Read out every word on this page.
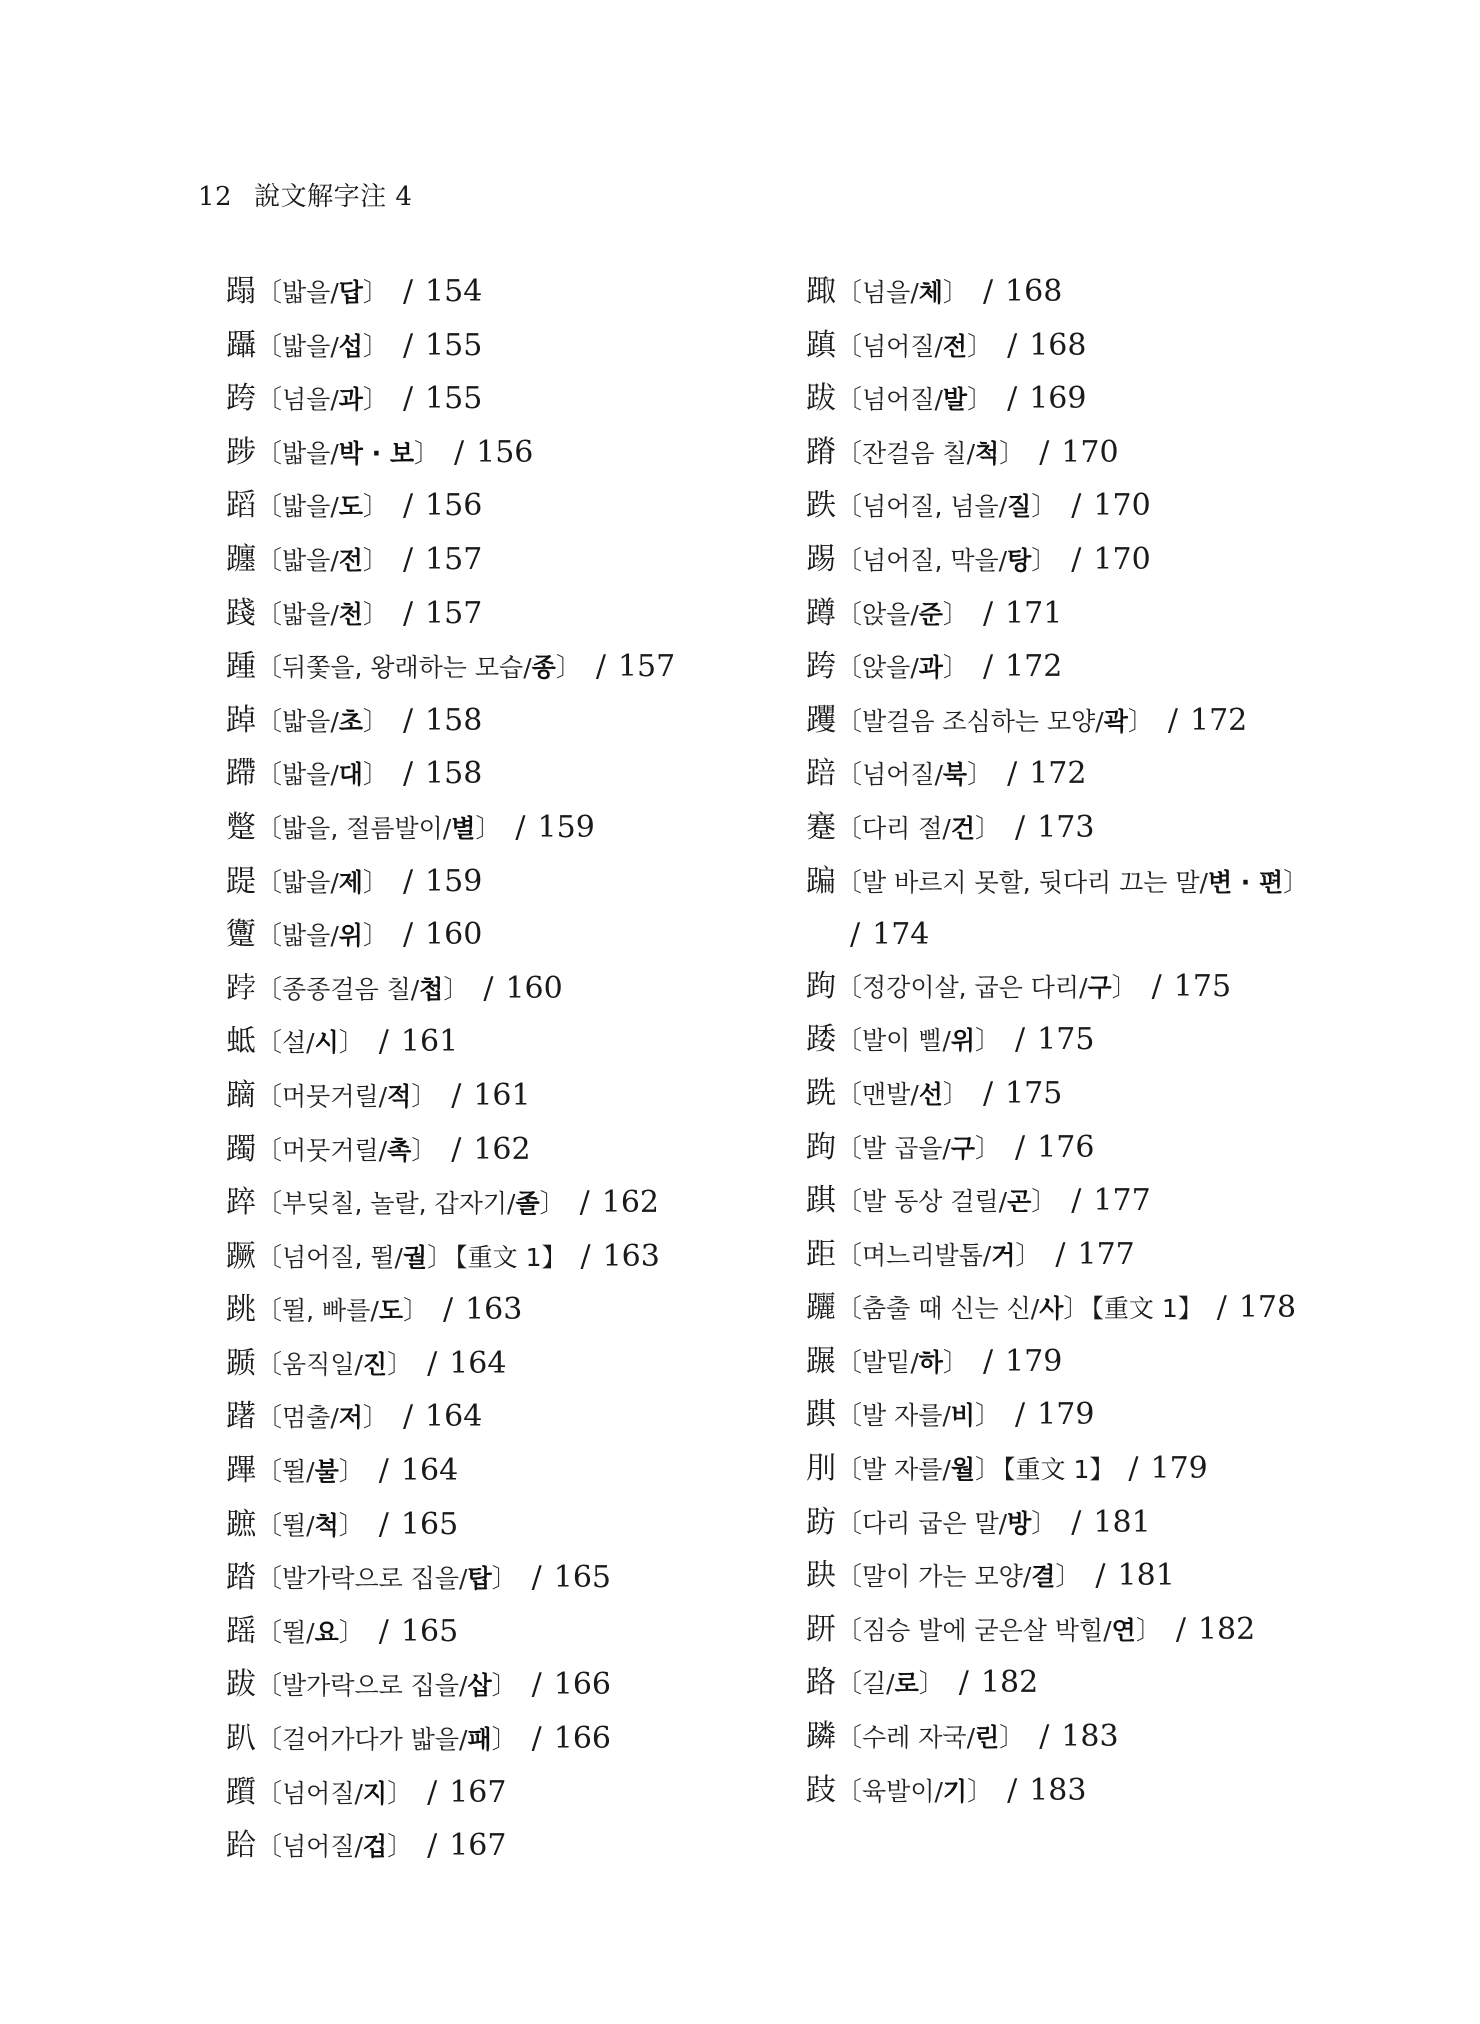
12 說文解字注 4
蹋〔밟을/답〕 / 154
躡〔밟을/섭〕 / 155
跨〔넘을/과〕 / 155
踄〔밟을/박 · 보〕 / 156
蹈〔밟을/도〕 / 156
躔〔밟을/전〕 / 157
踐〔밟을/천〕 / 157
踵〔뒤쫓을, 왕래하는 모습/종〕 / 157
踔〔밟을/초〕 / 158
蹛〔밟을/대〕 / 158
蹩〔밟을, 절름발이/별〕 / 159
踶〔밟을/제〕 / 159
躛〔밟을/위〕 / 160
𨁝〔종종걸음 칠/첩〕 / 160
蚳〔설/시〕 / 161
蹢〔머뭇거릴/적〕 / 161
躅〔머뭇거릴/촉〕 / 162
踤〔부딪칠, 놀랄, 갑자기/졸〕 / 162
蹶〔넘어질, 뛸/궐〕【重文 1】 / 163
跳〔뛸, 빠를/도〕 / 163
踬〔움직일/진〕 / 164
躇〔멈출/저〕 / 164
蹕〔뛸/불〕 / 164
蹠〔뛸/척〕 / 165
踏〔발가락으로 집을/탑〕 / 165
䠛〔뛸/요〕 / 165
跋〔발가락으로 집을/삽〕 / 166
趴〔걸어가다가 밟을/패〕 / 166
躓〔넘어질/지〕 / 167
跲〔넘어질/겁〕 / 167
踙〔넘을/체〕 / 168
蹎〔넘어질/전〕 / 168
跋〔넘어질/발〕 / 169
蹐〔잔걸음 칠/척〕 / 170
跌〔넘어질, 넘을/질〕 / 170
踢〔넘어질, 막을/탕〕 / 170
蹲〔앉을/준〕 / 171
跨〔앉을/과〕 / 172
躩〔발걸음 조심하는 모양/곽〕 / 172
踣〔넘어질/북〕 / 172
蹇〔다리 절/건〕 / 173
蹁〔발 바르지 못할, 뒷다리 끄는 말/변 · 편〕
/ 174
跔〔정강이살, 굽은 다리/구〕 / 175
踒〔발이 삘/위〕 / 175
跣〔맨발/선〕 / 175
跔〔발 곱을/구〕 / 176
踑〔발 동상 걸릴/곤〕 / 177
距〔며느리발톱/거〕 / 177
躧〔춤출 때 신는 신/사〕【重文 1】 / 178
蹍〔발밑/하〕 / 179
踑〔발 자를/비〕 / 179
刖〔발 자를/월〕【重文 1】 / 179
趽〔다리 굽은 말/방〕 / 181
趹〔말이 가는 모양/결〕 / 181
趼〔짐승 발에 굳은살 박힐/연〕 / 182
路〔길/로〕 / 182
蹸〔수레 자국/린〕 / 183
跂〔육발이/기〕 / 183
